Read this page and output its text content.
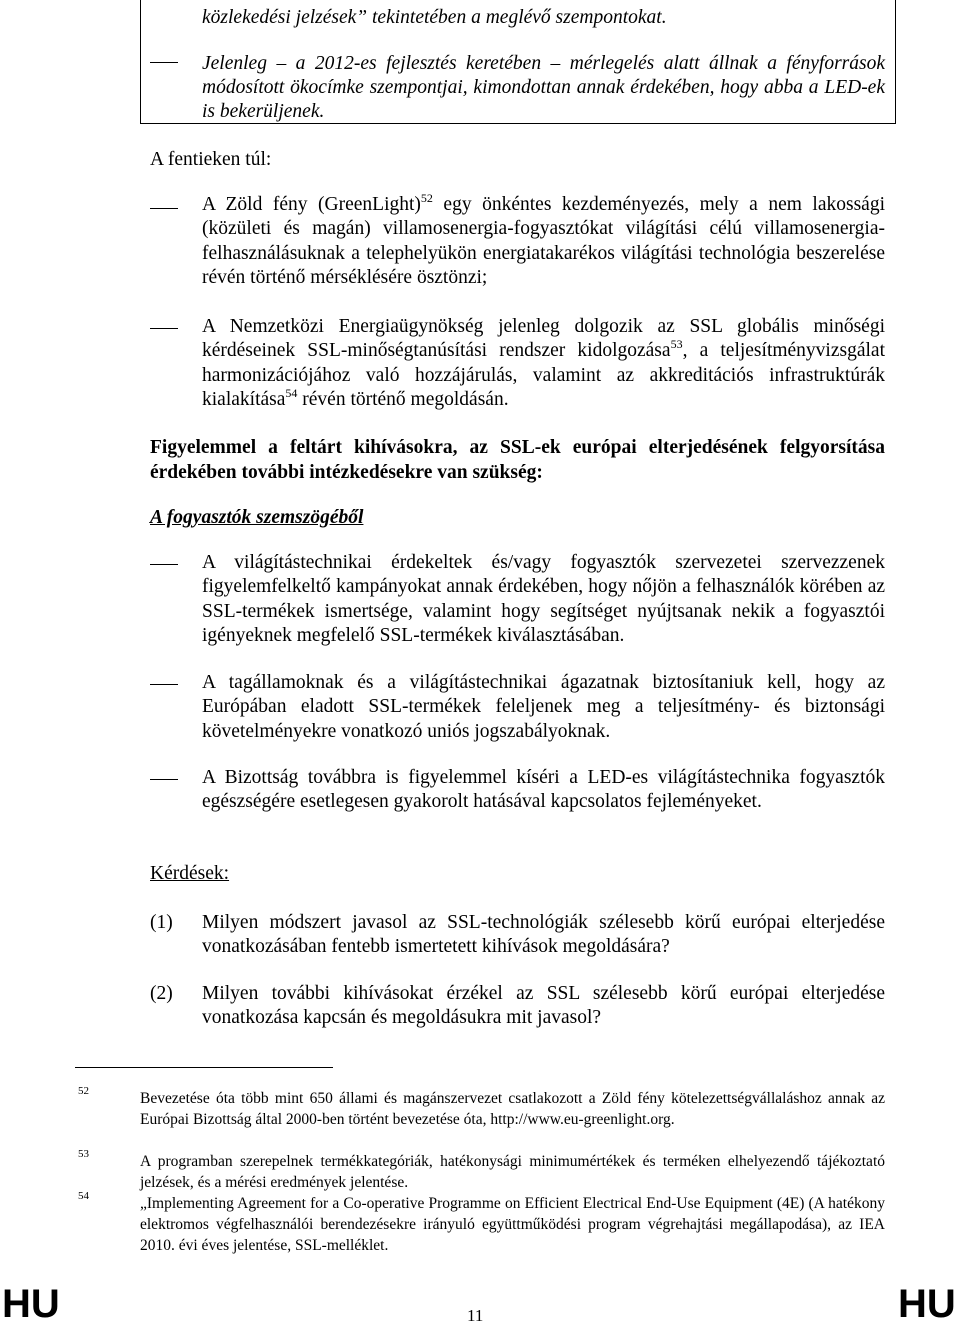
közlekedési jelzések” tekintetében a meglévő szempontokat.
Jelenleg – a 2012-es fejlesztés keretében – mérlegelés alatt állnak a fényforrások módosított ökocímke szempontjai, kimondottan annak érdekében, hogy abba a LED-ek is bekerüljenek.
A fentieken túl:
A Zöld fény (GreenLight)$^{52}$ egy önkéntes kezdeményezés, mely a nem lakossági (közületi és magán) villamosenergia-fogyasztókat világítási célú villamosenergia-felhasználásuknak a telephelyükön energiatakarékos világítási technológia beszerelése révén történő mérséklésére ösztönzi;
A Nemzetközi Energiaügynökség jelenleg dolgozik az SSL globális minőségi kérdéseinek SSL-minőségtanúsítási rendszer kidolgozása$^{53}$, a teljesítményvizsgálat harmonizációjához való hozzájárulás, valamint az akkreditációs infrastruktúrák kialakítása$^{54}$ révén történő megoldásán.
Figyelemmel a feltárt kihívásokra, az SSL-ek európai elterjedésének felgyorsítása érdekében további intézkedésekre van szükség:
A fogyasztók szemszögéből
A világítástechnikai érdekeltek és/vagy fogyasztók szervezetei szervezzenek figyelemfelkeltő kampányokat annak érdekében, hogy nőjön a felhasználók körében az SSL-termékek ismertsége, valamint hogy segítséget nyújtsanak nekik a fogyasztói igényeknek megfelelő SSL-termékek kiválasztásában.
A tagállamoknak és a világítástechnikai ágazatnak biztosítaniuk kell, hogy az Európában eladott SSL-termékek feleljenek meg a teljesítmény- és biztonsági követelményekre vonatkozó uniós jogszabályoknak.
A Bizottság továbbra is figyelemmel kíséri a LED-es világítástechnika fogyasztók egészségére esetlegesen gyakorolt hatásával kapcsolatos fejleményeket.
Kérdések:
(1) Milyen módszert javasol az SSL-technológiák szélesebb körű európai elterjedése vonatkozásában fentebb ismertetett kihívások megoldására?
(2) Milyen további kihívásokat érzékel az SSL szélesebb körű európai elterjedése vonatkozása kapcsán és megoldásukra mit javasol?
52	Bevezetése óta több mint 650 állami és magánszervezet csatlakozott a Zöld fény kötelezettségvállaláshoz annak az Európai Bizottság által 2000-ben történt bevezetése óta, http://www.eu-greenlight.org.
53	A programban szerepelnek termékkategóriák, hatékonysági minimumértékek és terméken elhelyezendő tájékoztató jelzések, és a mérési eredmények jelentése.
54	„Implementing Agreement for a Co-operative Programme on Efficient Electrical End-Use Equipment (4E) (A hatékony elektromos végfelhasználói berendezésekre irányuló együttműködési program végrehajtási megállapodása), az IEA 2010. évi éves jelentése, SSL-melléklet.
HU	11	HU
